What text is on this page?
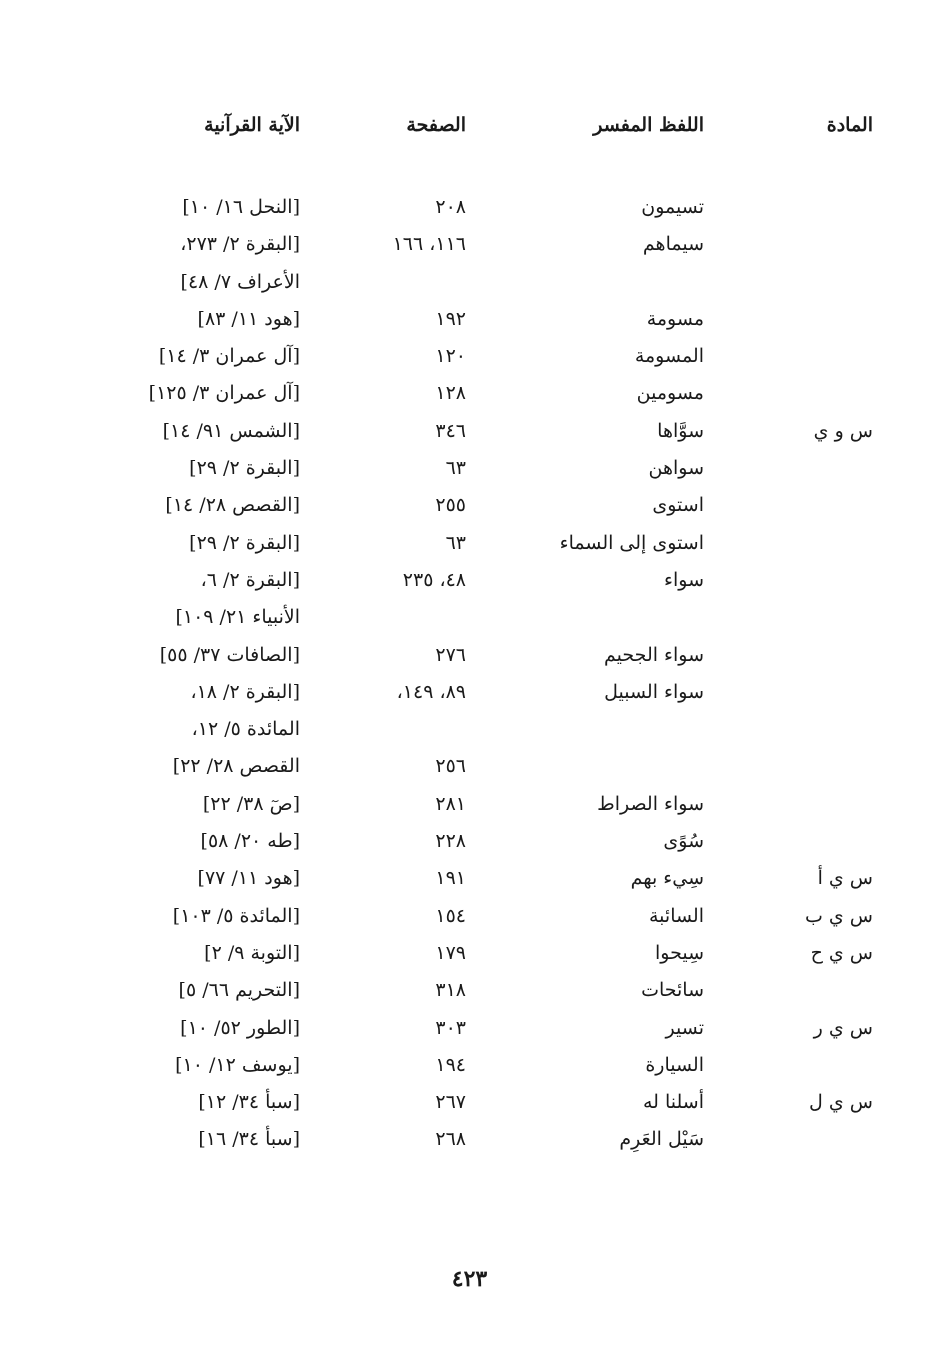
المادة
اللفظ المفسر
الصفحة
الآية القرآنية
تسيمون
٢٠٨
[النحل ١٦/ ١٠]
سيماهم
١١٦، ١٦٦
[البقرة ٢/ ٢٧٣،
الأعراف ٧/ ٤٨]
مسومة
١٩٢
[هود ١١/ ٨٣]
المسومة
١٢٠
[آل عمران ٣/ ١٤]
مسومين
١٢٨
[آل عمران ٣/ ١٢٥]
س و ي
سوَّاها
٣٤٦
[الشمس ٩١/ ١٤]
سواهن
٦٣
[البقرة ٢/ ٢٩]
استوى
٢٥٥
[القصص ٢٨/ ١٤]
استوى إلى السماء
٦٣
[البقرة ٢/ ٢٩]
سواء
٤٨، ٢٣٥
[البقرة ٢/ ٦،
الأنبياء ٢١/ ١٠٩]
سواء الجحيم
٢٧٦
[الصافات ٣٧/ ٥٥]
سواء السبيل
٨٩، ١٤٩،
[البقرة ٢/ ١٨،
المائدة ٥/ ١٢،
٢٥٦
القصص ٢٨/ ٢٢]
سواء الصراط
٢٨١
[صٓ ٣٨/ ٢٢]
سُوًى
٢٢٨
[طه ٢٠/ ٥٨]
س ي أ
سِيء بهم
١٩١
[هود ١١/ ٧٧]
س ي ب
السائبة
١٥٤
[المائدة ٥/ ١٠٣]
س ي ح
سِيحوا
١٧٩
[التوبة ٩/ ٢]
سائحات
٣١٨
[التحريم ٦٦/ ٥]
س ي ر
تسير
٣٠٣
[الطور ٥٢/ ١٠]
السيارة
١٩٤
[يوسف ١٢/ ١٠]
س ي ل
أسلنا له
٢٦٧
[سبأ ٣٤/ ١٢]
سَيْل العَرِم
٢٦٨
[سبأ ٣٤/ ١٦]
٤٢٣
